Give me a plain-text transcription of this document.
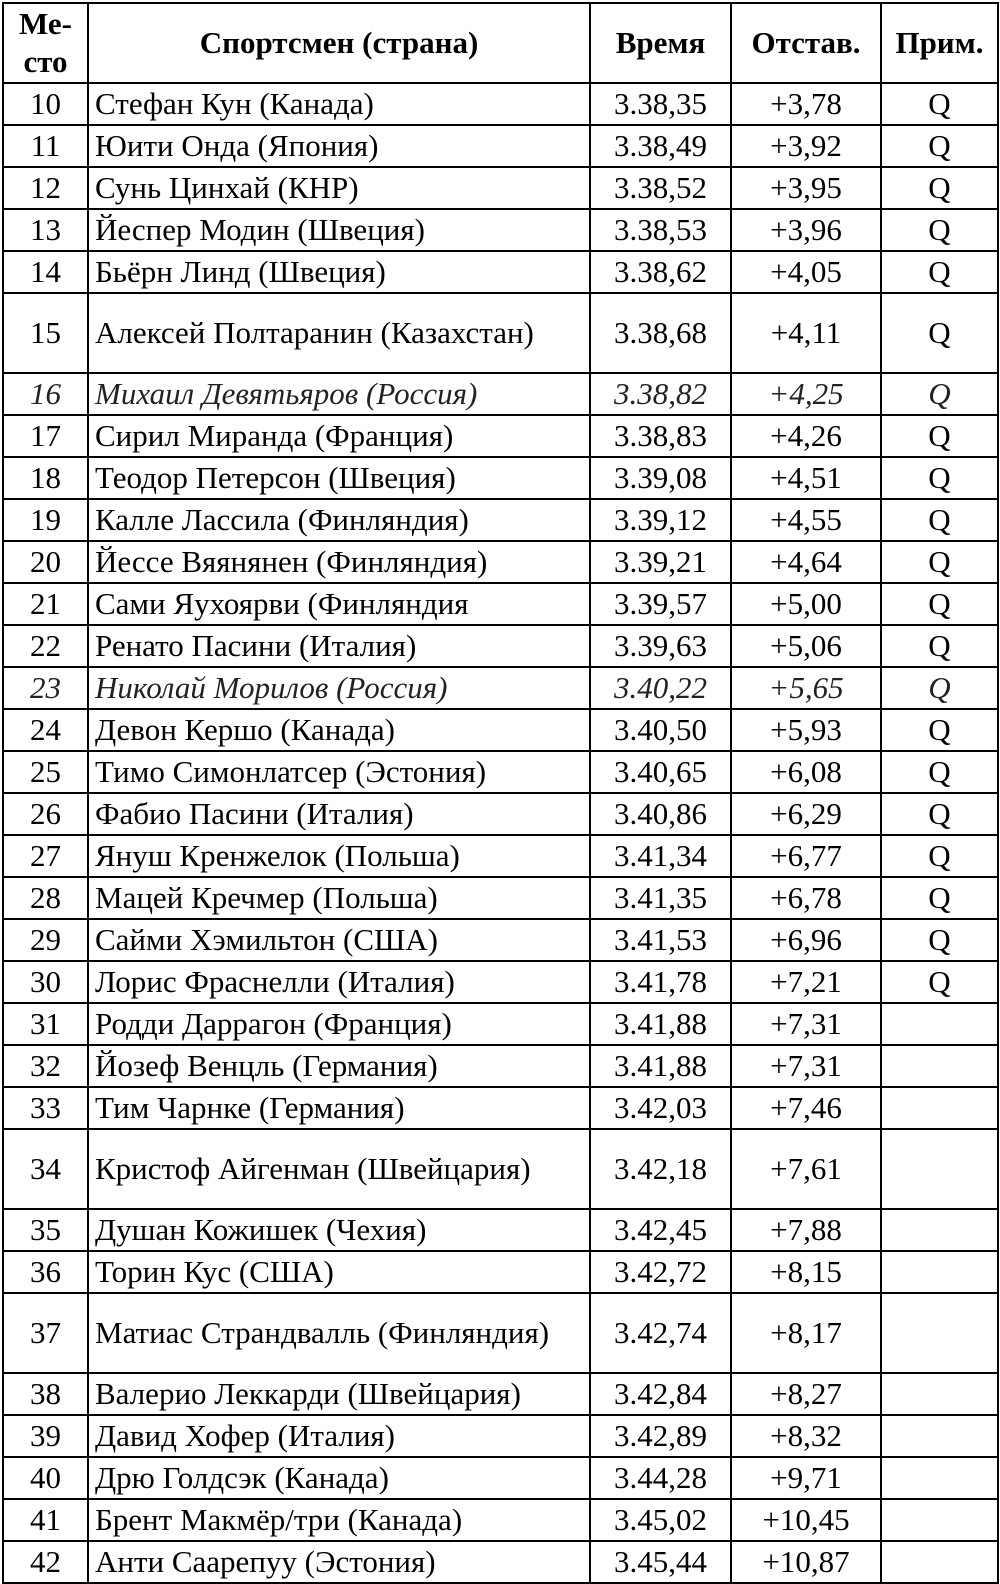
Ме-
сто	Спортсмен (страна)	Время	Отстав.	Прим.
10	Стефан Кун (Канада)	3.38,35	+3,78	Q
11	Юити Онда (Япония)	3.38,49	+3,92	Q
12	Сунь Цинхай (КНР)	3.38,52	+3,95	Q
13	Йеспер Модин (Швеция)	3.38,53	+3,96	Q
14	Бьёрн Линд (Швеция)	3.38,62	+4,05	Q
15	Алексей Полтаранин (Казахстан)	3.38,68	+4,11	Q
16	Михаил Девятьяров (Россия)	3.38,82	+4,25	Q
17	Сирил Миранда (Франция)	3.38,83	+4,26	Q
18	Теодор Петерсон (Швеция)	3.39,08	+4,51	Q
19	Калле Лассила (Финляндия)	3.39,12	+4,55	Q
20	Йессе Вяянянен (Финляндия)	3.39,21	+4,64	Q
21	Сами Яухоярви (Финляндия	3.39,57	+5,00	Q
22	Ренато Пасини (Италия)	3.39,63	+5,06	Q
23	Николай Морилов (Россия)	3.40,22	+5,65	Q
24	Девон Кершо (Канада)	3.40,50	+5,93	Q
25	Тимо Симонлатсер (Эстония)	3.40,65	+6,08	Q
26	Фабио Пасини (Италия)	3.40,86	+6,29	Q
27	Януш Кренжелок (Польша)	3.41,34	+6,77	Q
28	Мацей Кречмер (Польша)	3.41,35	+6,78	Q
29	Сайми Хэмильтон (США)	3.41,53	+6,96	Q
30	Лорис Фраснелли (Италия)	3.41,78	+7,21	Q
31	Родди Даррагон (Франция)	3.41,88	+7,31	
32	Йозеф Венцль (Германия)	3.41,88	+7,31	
33	Тим Чарнке (Германия)	3.42,03	+7,46	
34	Кристоф Айгенман (Швейцария)	3.42,18	+7,61	
35	Душан Кожишек (Чехия)	3.42,45	+7,88	
36	Торин Кус (США)	3.42,72	+8,15	
37	Матиас Страндвалль (Финляндия)	3.42,74	+8,17	
38	Валерио Леккарди (Швейцария)	3.42,84	+8,27	
39	Давид Хофер (Италия)	3.42,89	+8,32	
40	Дрю Голдсэк (Канада)	3.44,28	+9,71	
41	Брент Макмёр/три (Канада)	3.45,02	+10,45	
42	Анти Саарепуу (Эстония)	3.45,44	+10,87	
